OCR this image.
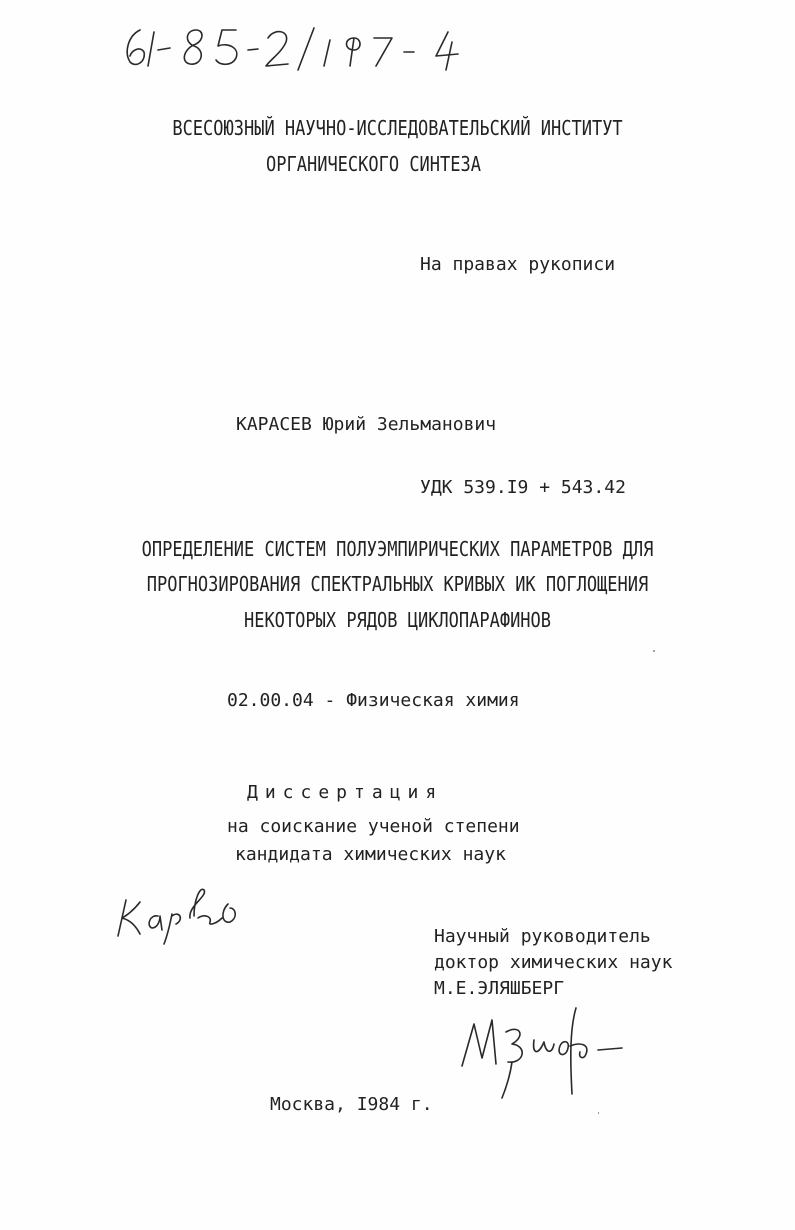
ВСЕСОЮЗНЫЙ НАУЧНО-ИССЛЕДОВАТЕЛЬСКИЙ ИНСТИТУТ
ОРГАНИЧЕСКОГО СИНТЕЗА
На правах рукописи
КАРАСЕВ Юрий Зельманович
УДК 539.I9 + 543.42
ОПРЕДЕЛЕНИЕ СИСТЕМ ПОЛУЭМПИРИЧЕСКИХ ПАРАМЕТРОВ ДЛЯ
ПРОГНОЗИРОВАНИЯ СПЕКТРАЛЬНЫХ КРИВЫХ ИК ПОГЛОЩЕНИЯ
НЕКОТОРЫХ РЯДОВ ЦИКЛОПАРАФИНОВ
02.00.04 - Физическая химия
Диссертация
на соискание ученой степени
кандидата химических наук
Научный руководитель
доктор химических наук
М.Е.ЭЛЯШБЕРГ
Москва, I984 г.
